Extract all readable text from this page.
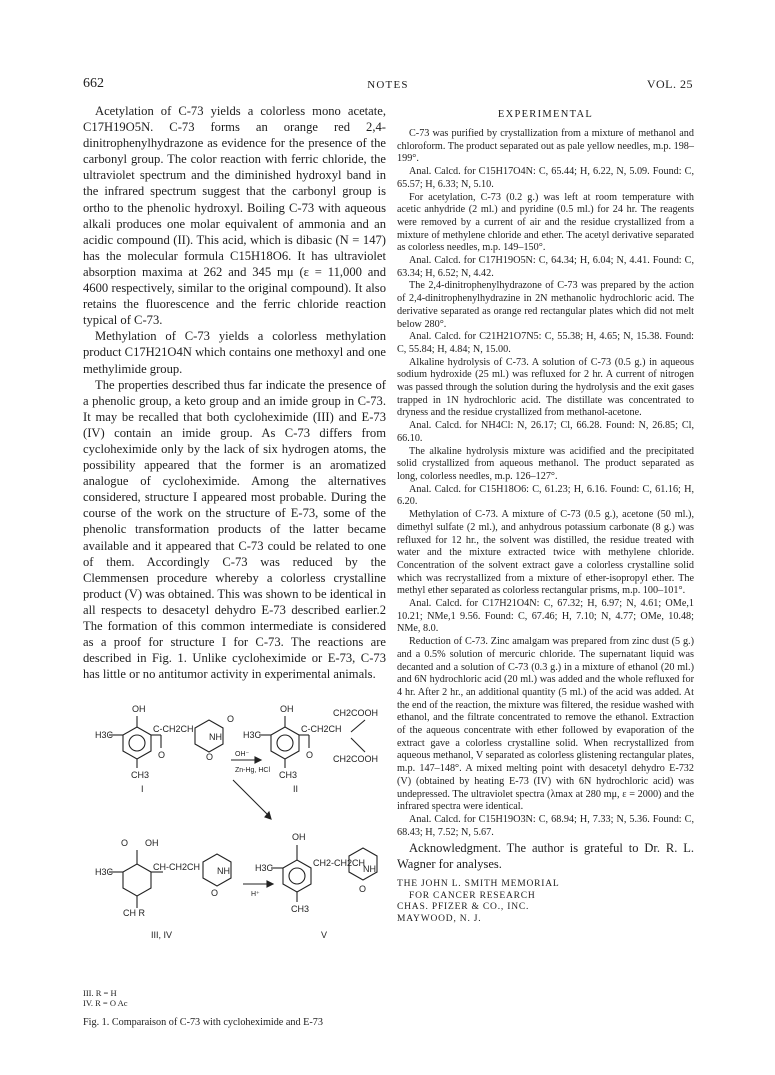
662	NOTES	VOL. 25

Acetylation of C-73 yields a colorless mono acetate, C17H19O5N. C-73 forms an orange red 2,4-dinitrophenylhydrazone as evidence for the presence of the carbonyl group. The color reaction with ferric chloride, the ultraviolet spectrum and the diminished hydroxyl band in the infrared spectrum suggest that the carbonyl group is ortho to the phenolic hydroxyl. Boiling C-73 with aqueous alkali produces one molar equivalent of ammonia and an acidic compound (II). This acid, which is dibasic (N = 147) has the molecular formula C15H18O6. It has ultraviolet absorption maxima at 262 and 345 mμ (ε = 11,000 and 4600 respectively, similar to the original compound). It also retains the fluorescence and the ferric chloride reaction typical of C-73.

Methylation of C-73 yields a colorless methylation product C17H21O4N which contains one methoxyl and one methylimide group.

The properties described thus far indicate the presence of a phenolic group, a keto group and an imide group in C-73. It may be recalled that both cycloheximide (III) and E-73 (IV) contain an imide group. As C-73 differs from cycloheximide only by the lack of six hydrogen atoms, the possibility appeared that the former is an aromatized analogue of cycloheximide. Among the alternatives considered, structure I appeared most probable. During the course of the work on the structure of E-73, some of the phenolic transformation products of the latter became available and it appeared that C-73 could be related to one of them. Accordingly C-73 was reduced by the Clemmensen procedure whereby a colorless crystalline product (V) was obtained. This was shown to be identical in all respects to desacetyl dehydro E-73 described earlier.2 The formation of this common intermediate is considered as a proof for structure I for C-73. The reactions are described in Fig. 1. Unlike cycloheximide or E-73, C-73 has little or no antitumor activity in experimental animals.

OH
H3C
CH3
C-CH2CH
O	O
NH
O
I
OH
H3C
CH3
C-CH2CH
O
CH2COOH
CH2COOH
II
OH⁻
Zn-Hg, HCl
O OH
H3C
CH R
CH-CH2CH NH
O
III, IV
OH
H3C
CH3
CH2-CH2CH
NH
O
V
H⁺
III. R = H
IV. R = O Ac
Fig. 1. Comparaison of C-73 with cycloheximide and E-73
EXPERIMENTAL

C-73 was purified by crystallization from a mixture of methanol and chloroform. The product separated out as pale yellow needles, m.p. 198–199°.

Anal. Calcd. for C15H17O4N: C, 65.44; H, 6.22, N, 5.09. Found: C, 65.57; H, 6.33; N, 5.10.

For acetylation, C-73 (0.2 g.) was left at room temperature with acetic anhydride (2 ml.) and pyridine (0.5 ml.) for 24 hr. The reagents were removed by a current of air and the residue crystallized from a mixture of methylene chloride and ether. The acetyl derivative separated as colorless needles, m.p. 149–150°.

Anal. Calcd. for C17H19O5N: C, 64.34; H, 6.04; N, 4.41. Found: C, 63.34; H, 6.52; N, 4.42.

The 2,4-dinitrophenylhydrazone of C-73 was prepared by the action of 2,4-dinitrophenylhydrazine in 2N methanolic hydrochloric acid. The derivative separated as orange red rectangular plates which did not melt below 280°.

Anal. Calcd. for C21H21O7N5: C, 55.38; H, 4.65; N, 15.38. Found: C, 55.84; H, 4.84; N, 15.00.

Alkaline hydrolysis of C-73. A solution of C-73 (0.5 g.) in aqueous sodium hydroxide (25 ml.) was refluxed for 2 hr. A current of nitrogen was passed through the solution during the hydrolysis and the exit gases trapped in 1N hydrochloric acid. The distillate was concentrated to dryness and the residue crystallized from methanol-acetone.

Anal. Calcd. for NH4Cl: N, 26.17; Cl, 66.28. Found: N, 26.85; Cl, 66.10.

The alkaline hydrolysis mixture was acidified and the precipitated solid crystallized from aqueous methanol. The product separated as long, colorless needles, m.p. 126–127°.

Anal. Calcd. for C15H18O6: C, 61.23; H, 6.16. Found: C, 61.16; H, 6.20.

Methylation of C-73. A mixture of C-73 (0.5 g.), acetone (50 ml.), dimethyl sulfate (2 ml.), and anhydrous potassium carbonate (8 g.) was refluxed for 12 hr., the solvent was distilled, the residue treated with water and the mixture extracted twice with methylene chloride. Concentration of the solvent extract gave a colorless crystalline solid which was recrystallized from a mixture of ether-isopropyl ether. The methyl ether separated as colorless rectangular prisms, m.p. 100–101°.

Anal. Calcd. for C17H21O4N: C, 67.32; H, 6.97; N, 4.61; OMe,1 10.21; NMe,1 9.56. Found: C, 67.46; H, 7.10; N, 4.77; OMe, 10.48; NMe, 8.0.

Reduction of C-73. Zinc amalgam was prepared from zinc dust (5 g.) and a 0.5% solution of mercuric chloride. The supernatant liquid was decanted and a solution of C-73 (0.3 g.) in a mixture of ethanol (20 ml.) and 6N hydrochloric acid (20 ml.) was added and the whole refluxed for 4 hr. After 2 hr., an additional quantity (5 ml.) of the acid was added. At the end of the reaction, the mixture was filtered, the residue washed with ethanol, and the filtrate concentrated to remove the ethanol. Extraction of the aqueous concentrate with ether followed by evaporation of the extract gave a colorless crystalline solid. When recrystallized from aqueous methanol, V separated as colorless glistening rectangular plates, m.p. 147–148°. A mixed melting point with desacetyl dehydro E-732 (V) (obtained by heating E-73 (IV) with 6N hydrochloric acid) was undepressed. The ultraviolet spectra (λmax at 280 mμ, ε = 2000) and the infrared spectra were identical.

Anal. Calcd. for C15H19O3N: C, 68.94; H, 7.33; N, 5.36. Found: C, 68.43; H, 7.52; N, 5.67.

Acknowledgment. The author is grateful to Dr. R. L. Wagner for analyses.

THE JOHN L. SMITH MEMORIAL
FOR CANCER RESEARCH
CHAS. PFIZER & CO., INC.
MAYWOOD, N. J.
